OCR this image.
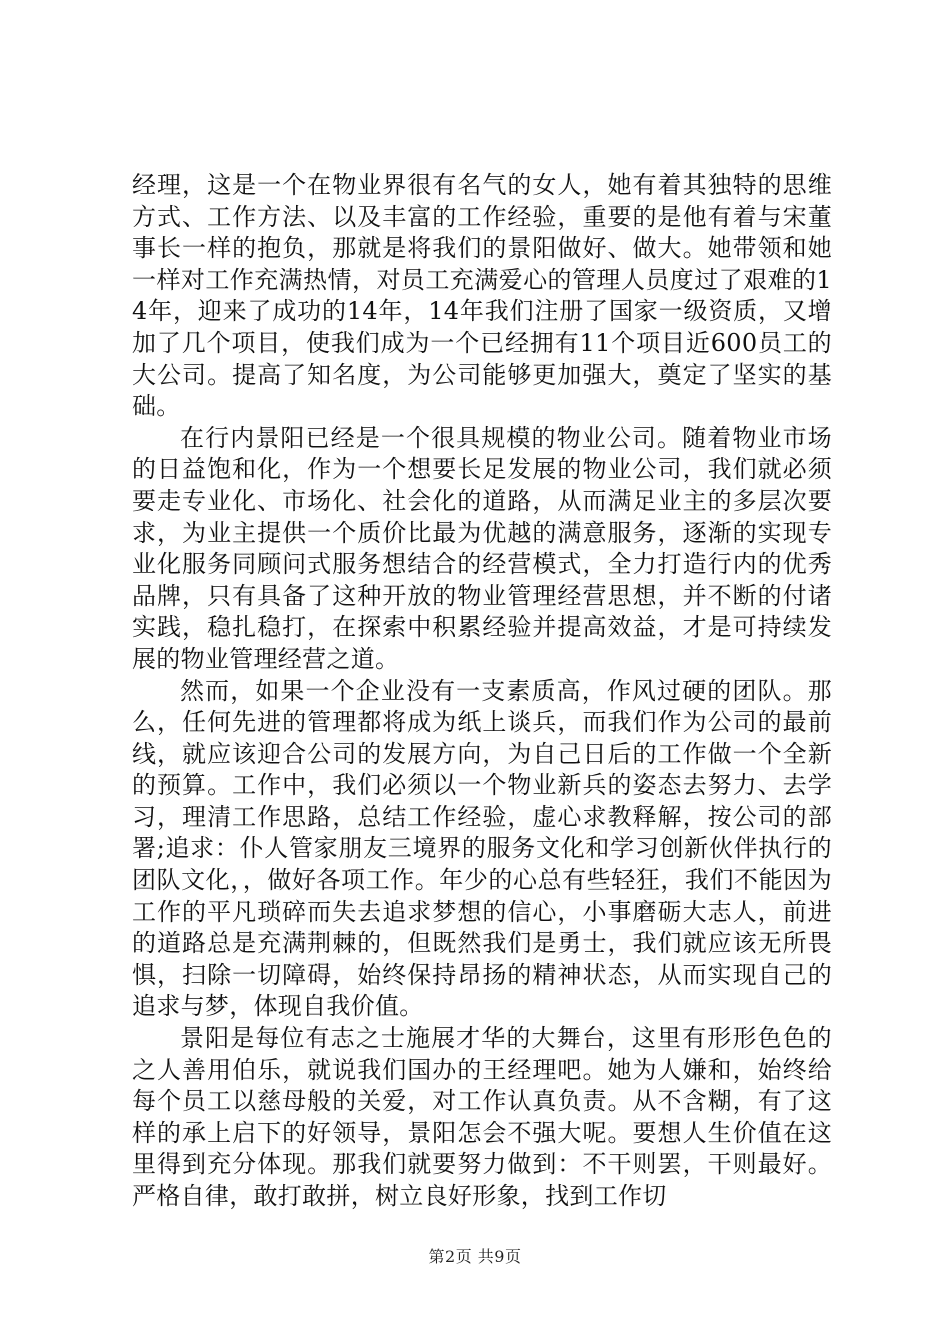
经理，这是一个在物业界很有名气的女人，她有着其独特的思维方式、工作方法、以及丰富的工作经验，重要的是他有着与宋董事长一样的抱负，那就是将我们的景阳做好、做大。她带领和她一样对工作充满热情，对员工充满爱心的管理人员度过了艰难的14年，迎来了成功的14年，14年我们注册了国家一级资质，又增加了几个项目，使我们成为一个已经拥有11个项目近600员工的大公司。提高了知名度，为公司能够更加强大，奠定了坚实的基础。

在行内景阳已经是一个很具规模的物业公司。随着物业市场的日益饱和化，作为一个想要长足发展的物业公司，我们就必须要走专业化、市场化、社会化的道路，从而满足业主的多层次要求，为业主提供一个质价比最为优越的满意服务，逐渐的实现专业化服务同顾问式服务想结合的经营模式，全力打造行内的优秀品牌，只有具备了这种开放的物业管理经营思想，并不断的付诸实践，稳扎稳打，在探索中积累经验并提高效益，才是可持续发展的物业管理经营之道。

然而，如果一个企业没有一支素质高，作风过硬的团队。那么，任何先进的管理都将成为纸上谈兵，而我们作为公司的最前线，就应该迎合公司的发展方向，为自己日后的工作做一个全新的预算。工作中，我们必须以一个物业新兵的姿态去努力、去学习，理清工作思路，总结工作经验，虚心求教释解，按公司的部署;追求：仆人管家朋友三境界的服务文化和学习创新伙伴执行的团队文化，，做好各项工作。年少的心总有些轻狂，我们不能因为工作的平凡琐碎而失去追求梦想的信心，小事磨砺大志人，前进的道路总是充满荆棘的，但既然我们是勇士，我们就应该无所畏惧，扫除一切障碍，始终保持昂扬的精神状态，从而实现自己的追求与梦，体现自我价值。

景阳是每位有志之士施展才华的大舞台，这里有形形色色的之人善用伯乐，就说我们国办的王经理吧。她为人嫌和，始终给每个员工以慈母般的关爱，对工作认真负责。从不含糊，有了这样的承上启下的好领导，景阳怎会不强大呢。要想人生价值在这里得到充分体现。那我们就要努力做到：不干则罢，干则最好。严格自律，敢打敢拼，树立良好形象，找到工作切

第2页 共9页
